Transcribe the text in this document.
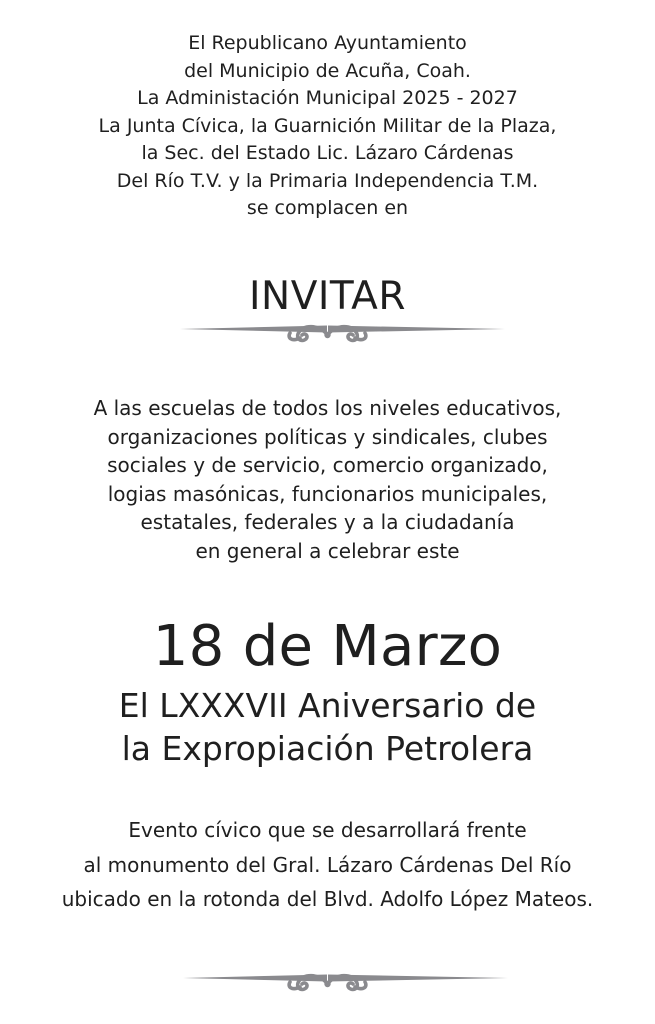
El Republicano Ayuntamiento
del Municipio de Acuña, Coah.
La Administación Municipal 2025 - 2027
La Junta Cívica, la Guarnición Militar de la Plaza,
la Sec. del Estado Lic. Lázaro Cárdenas
Del Río T.V. y la Primaria Independencia T.M.
se complacen en
INVITAR
A las escuelas de todos los niveles educativos,
organizaciones políticas y sindicales, clubes
sociales y de servicio, comercio organizado,
logias masónicas, funcionarios municipales,
estatales, federales y a la ciudadanía
en general a celebrar este
18 de Marzo
El LXXXVII Aniversario de
la Expropiación Petrolera
Evento cívico que se desarrollará frente
al monumento del Gral. Lázaro Cárdenas Del Río
ubicado en la rotonda del Blvd. Adolfo López Mateos.
